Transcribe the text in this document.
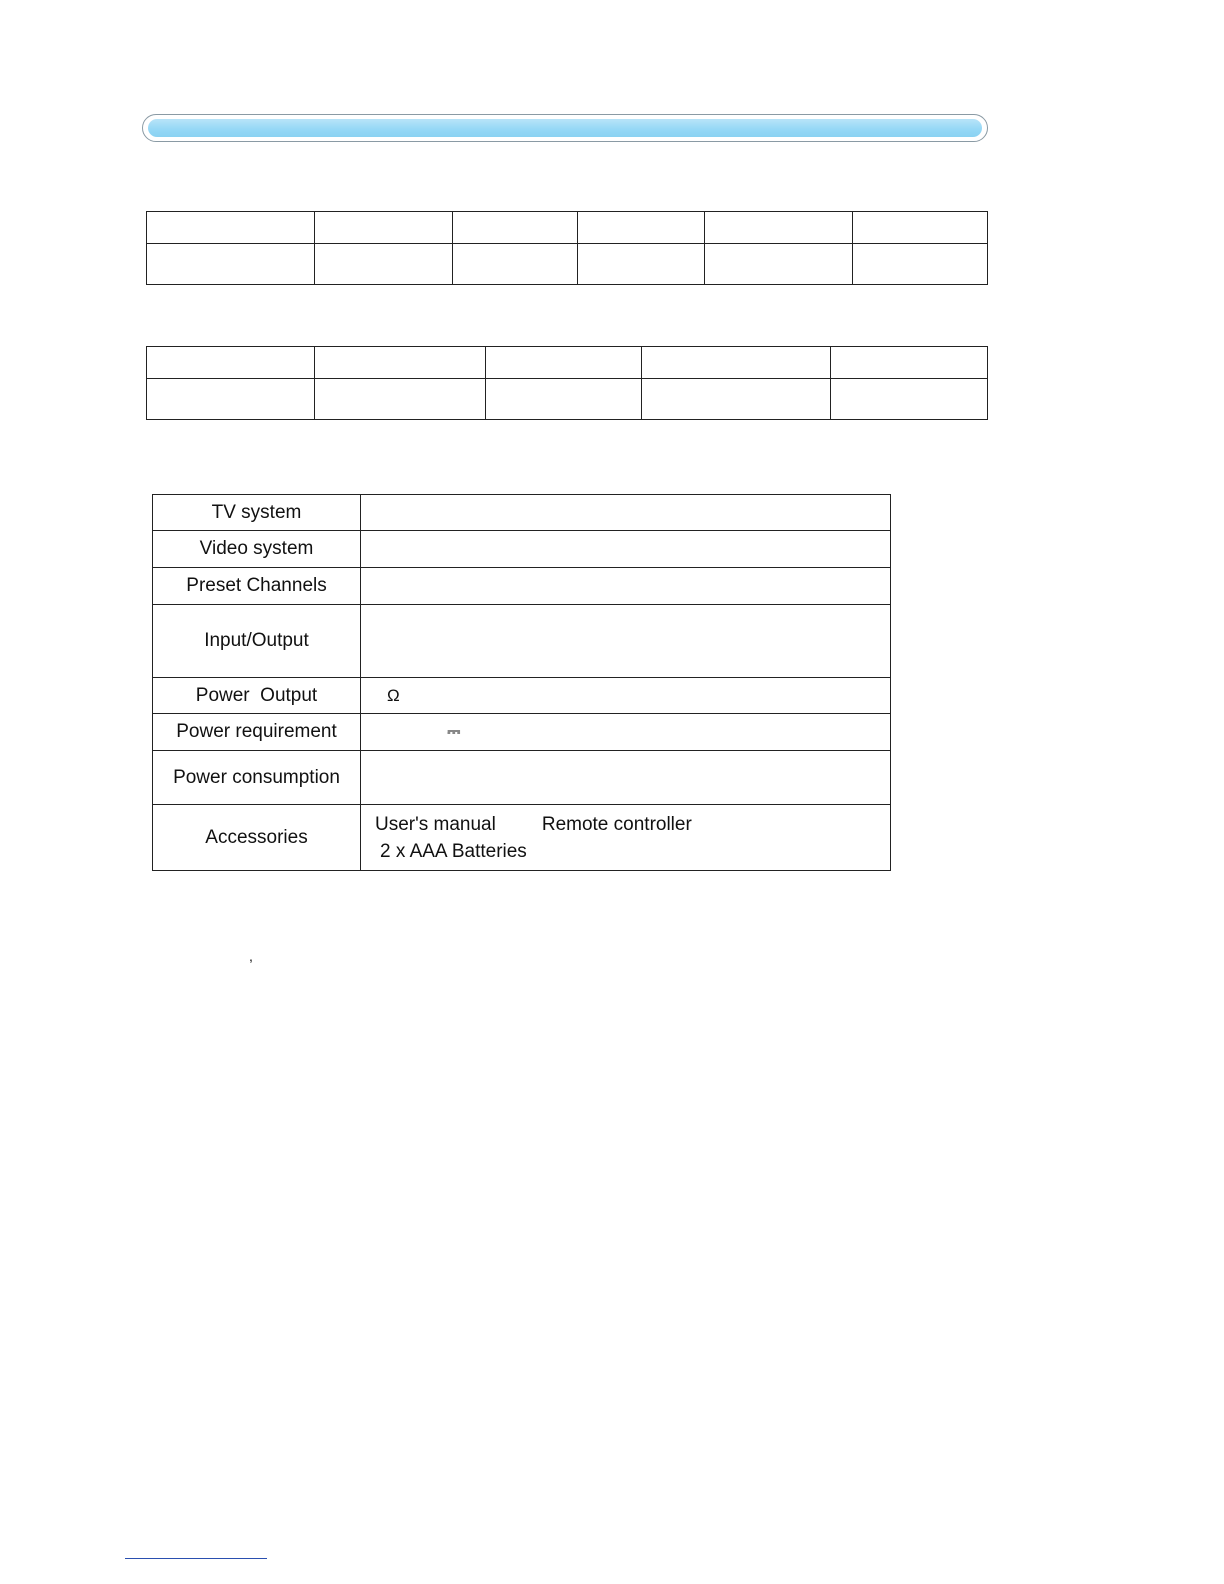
TV system	
Video system	
Preset Channels	
Input/Output	
Power  Output	Ω
Power requirement	⎓
Power consumption	
Accessories	User's manual Remote controller
2 x AAA Batteries
,
